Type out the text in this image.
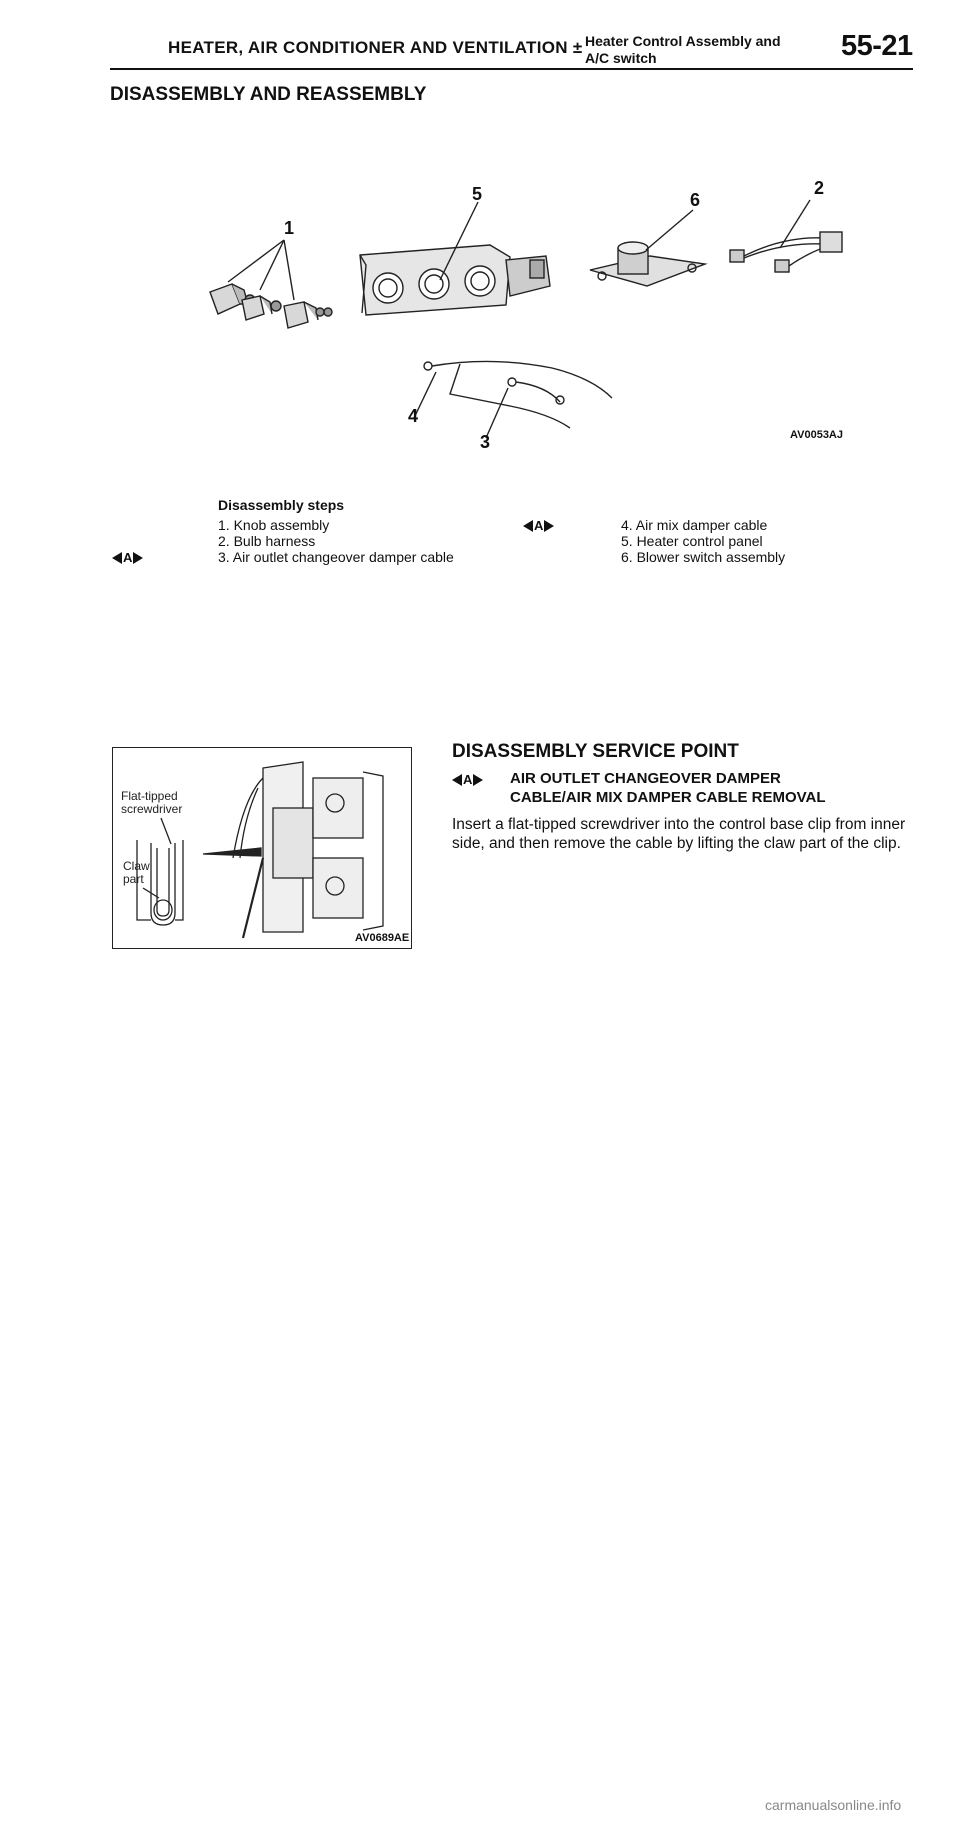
HEATER, AIR CONDITIONER AND VENTILATION ± Heater Control Assembly and
A/C switch	55-21
DISASSEMBLY AND REASSEMBLY
1
2
3
4
5	6
AV0053AJ
Disassembly steps
1. Knob assembly
2. Bulb harness
A	3. Air outlet changeover damper cable
A	4. Air mix damper cable
5. Heater control panel
6. Blower switch assembly
Flat-tipped
screwdriver
Claw
part
AV0689AE
DISASSEMBLY SERVICE POINT
A	AIR OUTLET CHANGEOVER DAMPER
CABLE/AIR MIX DAMPER CABLE REMOVAL
Insert a flat-tipped screwdriver into the control base clip from inner side, and then remove the cable by lifting the claw part of the clip.
carmanualsonline.info
